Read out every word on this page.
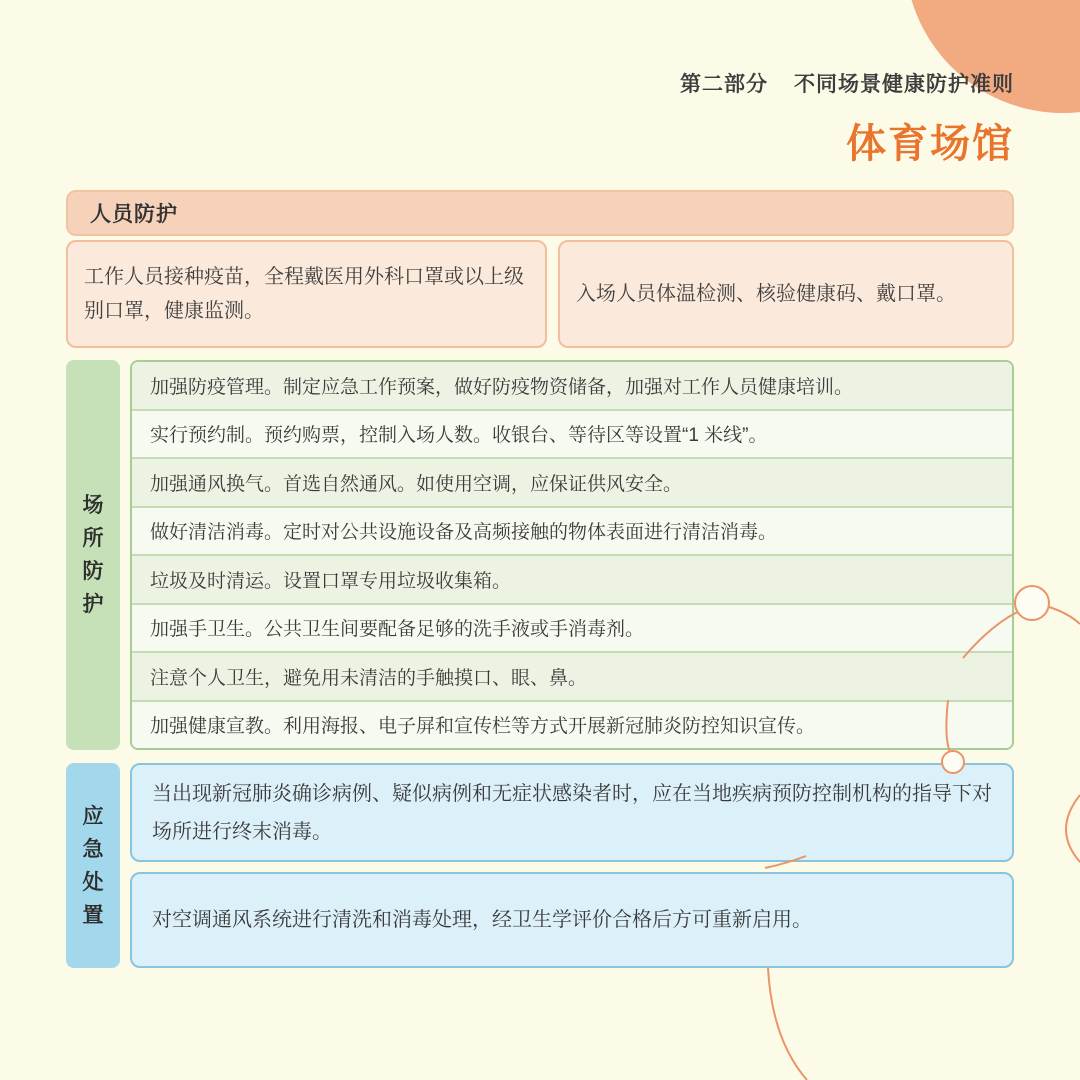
第二部分 不同场景健康防护准则
体育场馆
人员防护
工作人员接种疫苗，全程戴医用外科口罩或以上级别口罩，健康监测。
入场人员体温检测、核验健康码、戴口罩。
场所防护
加强防疫管理。制定应急工作预案，做好防疫物资储备，加强对工作人员健康培训。
实行预约制。预约购票，控制入场人数。收银台、等待区等设置“1 米线”。
加强通风换气。首选自然通风。如使用空调，应保证供风安全。
做好清洁消毒。定时对公共设施设备及高频接触的物体表面进行清洁消毒。
垃圾及时清运。设置口罩专用垃圾收集箱。
加强手卫生。公共卫生间要配备足够的洗手液或手消毒剂。
注意个人卫生，避免用未清洁的手触摸口、眼、鼻。
加强健康宣教。利用海报、电子屏和宣传栏等方式开展新冠肺炎防控知识宣传。
应急处置
当出现新冠肺炎确诊病例、疑似病例和无症状感染者时，应在当地疾病预防控制机构的指导下对场所进行终末消毒。
对空调通风系统进行清洗和消毒处理，经卫生学评价合格后方可重新启用。
